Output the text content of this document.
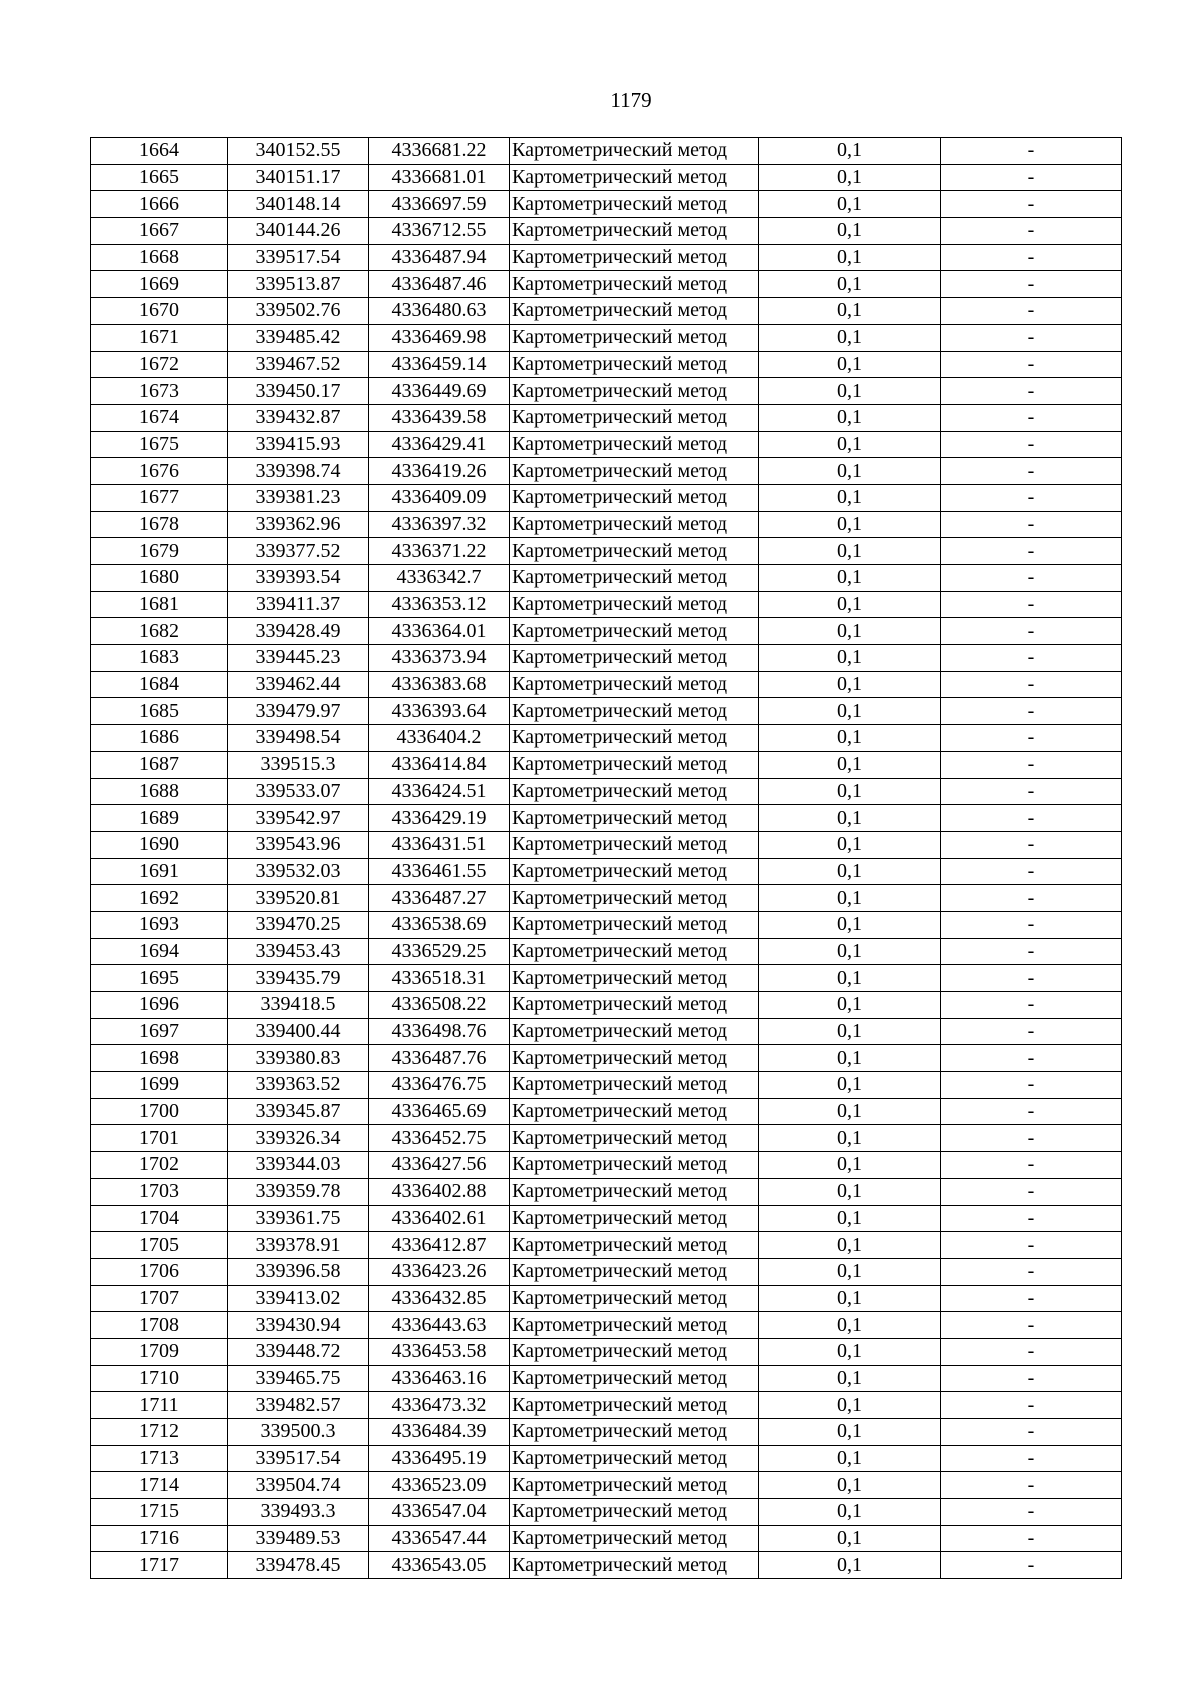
1179
1664	340152.55	4336681.22	Картометрический метод	0,1	-
1665	340151.17	4336681.01	Картометрический метод	0,1	-
1666	340148.14	4336697.59	Картометрический метод	0,1	-
1667	340144.26	4336712.55	Картометрический метод	0,1	-
1668	339517.54	4336487.94	Картометрический метод	0,1	-
1669	339513.87	4336487.46	Картометрический метод	0,1	-
1670	339502.76	4336480.63	Картометрический метод	0,1	-
1671	339485.42	4336469.98	Картометрический метод	0,1	-
1672	339467.52	4336459.14	Картометрический метод	0,1	-
1673	339450.17	4336449.69	Картометрический метод	0,1	-
1674	339432.87	4336439.58	Картометрический метод	0,1	-
1675	339415.93	4336429.41	Картометрический метод	0,1	-
1676	339398.74	4336419.26	Картометрический метод	0,1	-
1677	339381.23	4336409.09	Картометрический метод	0,1	-
1678	339362.96	4336397.32	Картометрический метод	0,1	-
1679	339377.52	4336371.22	Картометрический метод	0,1	-
1680	339393.54	4336342.7	Картометрический метод	0,1	-
1681	339411.37	4336353.12	Картометрический метод	0,1	-
1682	339428.49	4336364.01	Картометрический метод	0,1	-
1683	339445.23	4336373.94	Картометрический метод	0,1	-
1684	339462.44	4336383.68	Картометрический метод	0,1	-
1685	339479.97	4336393.64	Картометрический метод	0,1	-
1686	339498.54	4336404.2	Картометрический метод	0,1	-
1687	339515.3	4336414.84	Картометрический метод	0,1	-
1688	339533.07	4336424.51	Картометрический метод	0,1	-
1689	339542.97	4336429.19	Картометрический метод	0,1	-
1690	339543.96	4336431.51	Картометрический метод	0,1	-
1691	339532.03	4336461.55	Картометрический метод	0,1	-
1692	339520.81	4336487.27	Картометрический метод	0,1	-
1693	339470.25	4336538.69	Картометрический метод	0,1	-
1694	339453.43	4336529.25	Картометрический метод	0,1	-
1695	339435.79	4336518.31	Картометрический метод	0,1	-
1696	339418.5	4336508.22	Картометрический метод	0,1	-
1697	339400.44	4336498.76	Картометрический метод	0,1	-
1698	339380.83	4336487.76	Картометрический метод	0,1	-
1699	339363.52	4336476.75	Картометрический метод	0,1	-
1700	339345.87	4336465.69	Картометрический метод	0,1	-
1701	339326.34	4336452.75	Картометрический метод	0,1	-
1702	339344.03	4336427.56	Картометрический метод	0,1	-
1703	339359.78	4336402.88	Картометрический метод	0,1	-
1704	339361.75	4336402.61	Картометрический метод	0,1	-
1705	339378.91	4336412.87	Картометрический метод	0,1	-
1706	339396.58	4336423.26	Картометрический метод	0,1	-
1707	339413.02	4336432.85	Картометрический метод	0,1	-
1708	339430.94	4336443.63	Картометрический метод	0,1	-
1709	339448.72	4336453.58	Картометрический метод	0,1	-
1710	339465.75	4336463.16	Картометрический метод	0,1	-
1711	339482.57	4336473.32	Картометрический метод	0,1	-
1712	339500.3	4336484.39	Картометрический метод	0,1	-
1713	339517.54	4336495.19	Картометрический метод	0,1	-
1714	339504.74	4336523.09	Картометрический метод	0,1	-
1715	339493.3	4336547.04	Картометрический метод	0,1	-
1716	339489.53	4336547.44	Картометрический метод	0,1	-
1717	339478.45	4336543.05	Картометрический метод	0,1	-
